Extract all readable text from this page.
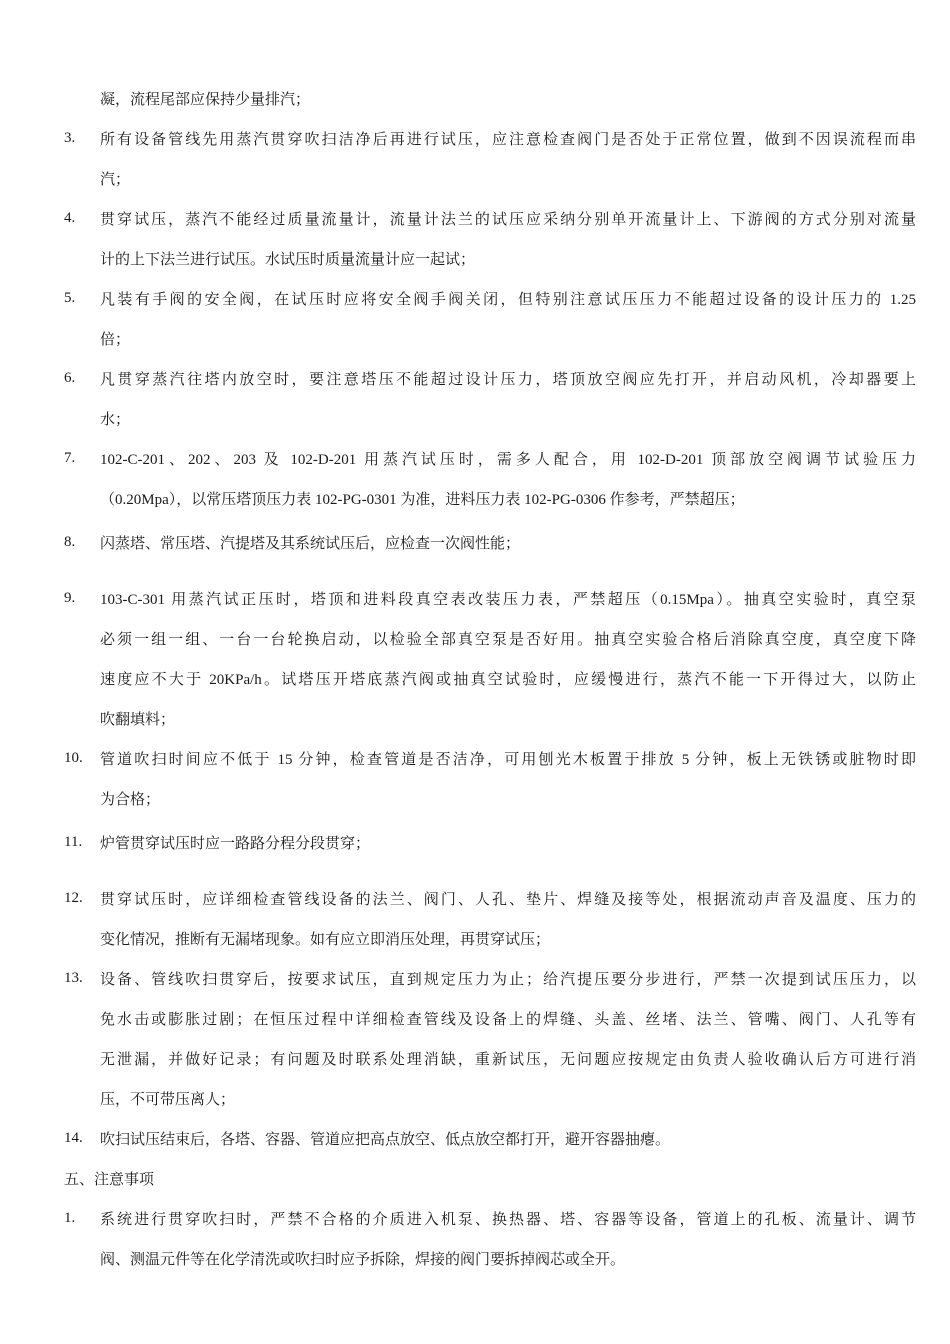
凝，流程尾部应保持少量排汽；
3.	所有设备管线先用蒸汽贯穿吹扫洁净后再进行试压，应注意检查阀门是否处于正常位置，做到不因误流程而串
汽；
4.	贯穿试压，蒸汽不能经过质量流量计，流量计法兰的试压应采纳分别单开流量计上、下游阀的方式分别对流量
计的上下法兰进行试压。水试压时质量流量计应一起试；
5.	凡装有手阀的安全阀，在试压时应将安全阀手阀关闭，但特别注意试压压力不能超过设备的设计压力的 1.25
倍；
6.	凡贯穿蒸汽往塔内放空时，要注意塔压不能超过设计压力，塔顶放空阀应先打开，并启动风机，冷却器要上
水；
7.	102-C-201、202、203 及 102-D-201 用蒸汽试压时，需多人配合，用 102-D-201 顶部放空阀调节试验压力
（0.20Mpa），以常压塔顶压力表 102-PG-0301 为准，进料压力表 102-PG-0306 作参考，严禁超压；
8.	闪蒸塔、常压塔、汽提塔及其系统试压后，应检查一次阀性能；
9.	103-C-301 用蒸汽试正压时，塔顶和进料段真空表改装压力表，严禁超压（0.15Mpa）。抽真空实验时，真空泵
必须一组一组、一台一台轮换启动，以检验全部真空泵是否好用。抽真空实验合格后消除真空度，真空度下降
速度应不大于 20KPa/h。试塔压开塔底蒸汽阀或抽真空试验时，应缓慢进行，蒸汽不能一下开得过大，以防止
吹翻填料；
10.	管道吹扫时间应不低于 15 分钟，检查管道是否洁净，可用刨光木板置于排放 5 分钟，板上无铁锈或脏物时即
为合格；
11.	炉管贯穿试压时应一路路分程分段贯穿；
12.	贯穿试压时，应详细检查管线设备的法兰、阀门、人孔、垫片、焊缝及接等处，根据流动声音及温度、压力的
变化情况，推断有无漏堵现象。如有应立即消压处理，再贯穿试压；
13.	设备、管线吹扫贯穿后，按要求试压，直到规定压力为止；给汽提压要分步进行，严禁一次提到试压压力，以
免水击或膨胀过剧；在恒压过程中详细检查管线及设备上的焊缝、头盖、丝堵、法兰、管嘴、阀门、人孔等有
无泄漏，并做好记录；有问题及时联系处理消缺，重新试压，无问题应按规定由负责人验收确认后方可进行消
压，不可带压离人；
14.	吹扫试压结束后，各塔、容器、管道应把高点放空、低点放空都打开，避开容器抽瘪。
五、注意事项
1.	系统进行贯穿吹扫时，严禁不合格的介质进入机泵、换热器、塔、容器等设备，管道上的孔板、流量计、调节
阀、测温元件等在化学清洗或吹扫时应予拆除，焊接的阀门要拆掉阀芯或全开。
